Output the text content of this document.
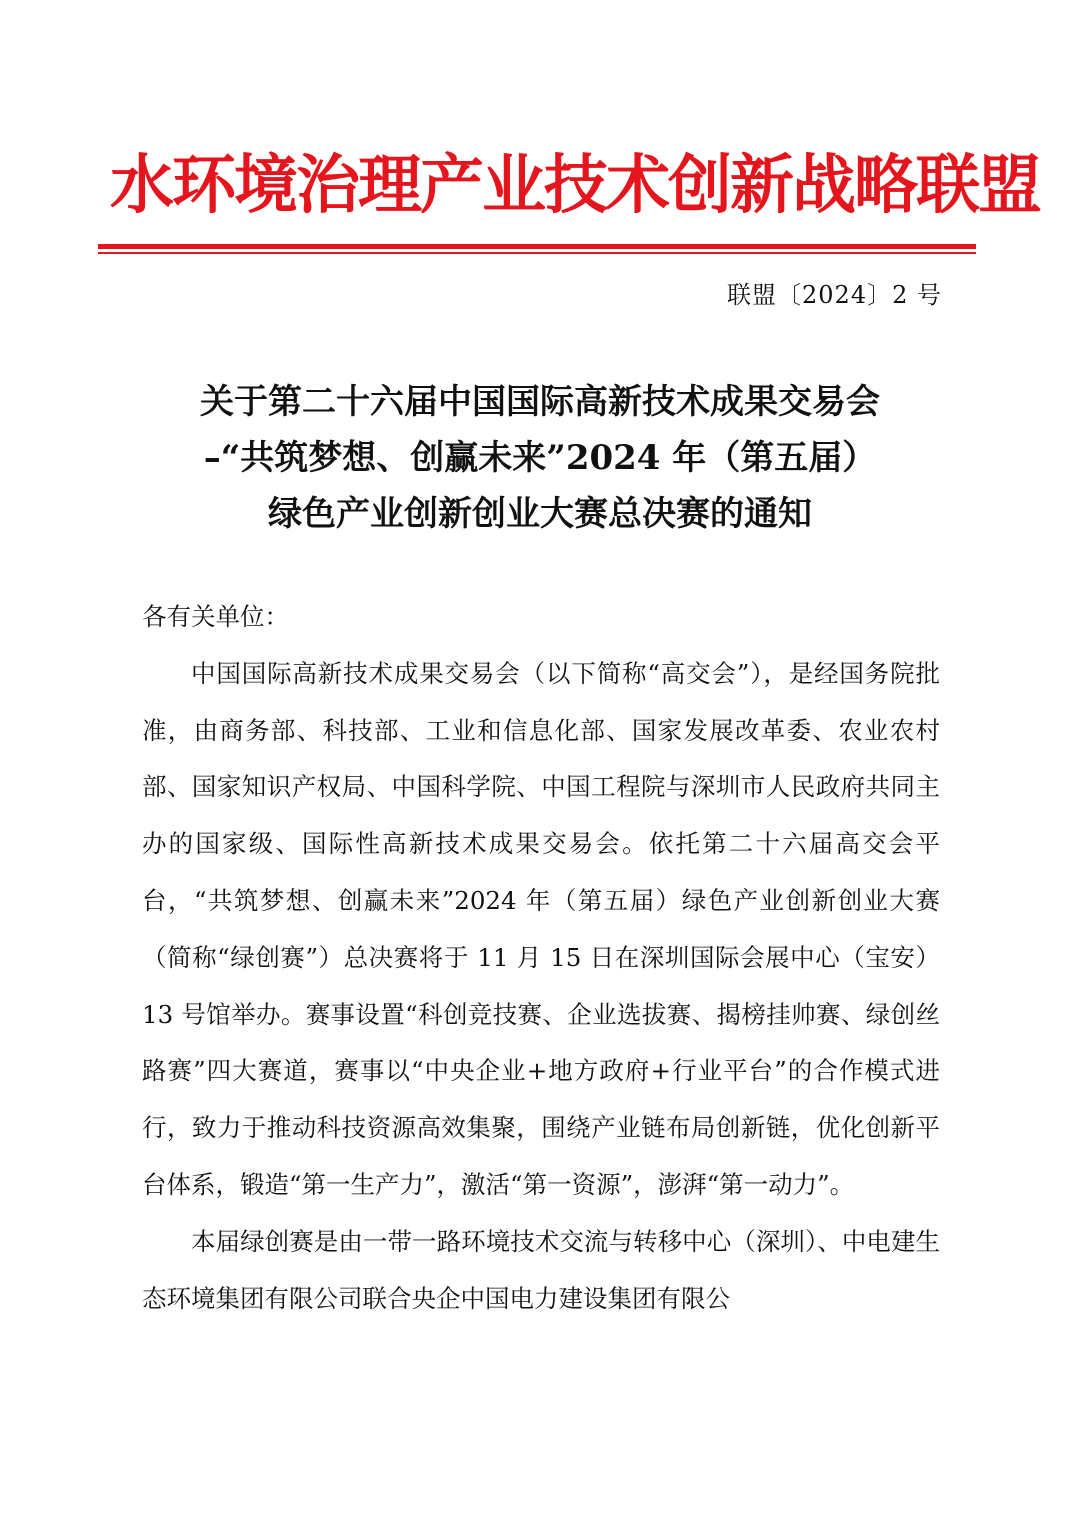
水环境治理产业技术创新战略联盟
联盟〔2024〕2 号
关于第二十六届中国国际高新技术成果交易会
–“共筑梦想、创赢未来”2024 年（第五届）
绿色产业创新创业大赛总决赛的通知

各有关单位：

中国国际高新技术成果交易会（以下简称“高交会”），是经国务院批准，由商务部、科技部、工业和信息化部、国家发展改革委、农业农村部、国家知识产权局、中国科学院、中国工程院与深圳市人民政府共同主办的国家级、国际性高新技术成果交易会。依托第二十六届高交会平台，“共筑梦想、创赢未来”2024 年（第五届）绿色产业创新创业大赛（简称“绿创赛”）总决赛将于 11 月 15 日在深圳国际会展中心（宝安）13 号馆举办。赛事设置“科创竞技赛、企业选拔赛、揭榜挂帅赛、绿创丝路赛”四大赛道，赛事以“中央企业+地方政府+行业平台”的合作模式进行，致力于推动科技资源高效集聚，围绕产业链布局创新链，优化创新平台体系，锻造“第一生产力”，激活“第一资源”，澎湃“第一动力”。

本届绿创赛是由一带一路环境技术交流与转移中心（深圳）、中电建生态环境集团有限公司联合央企中国电力建设集团有限公
